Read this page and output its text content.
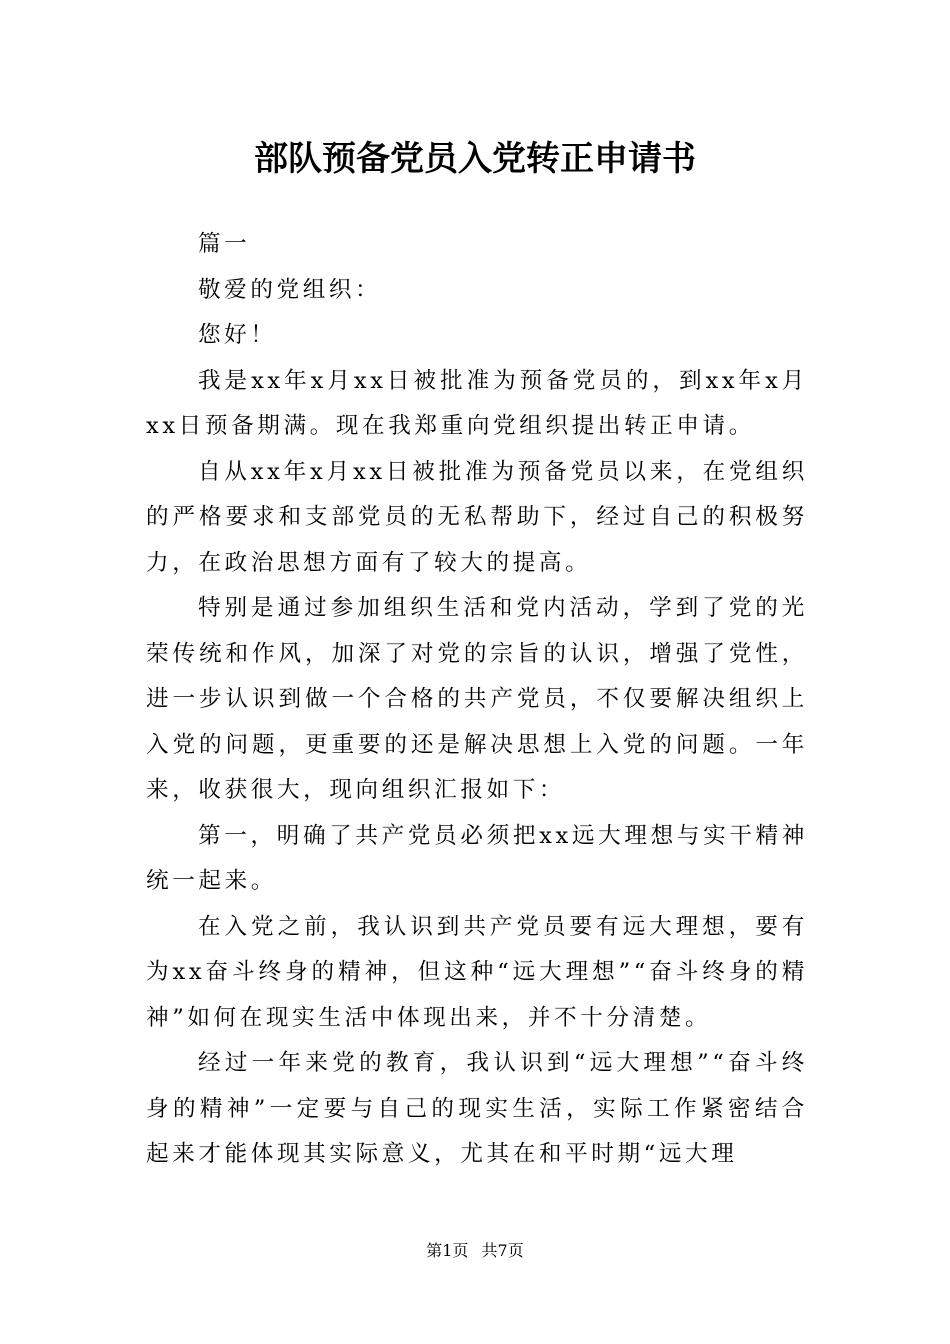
部队预备党员入党转正申请书

篇一

敬爱的党组织：

您好！

我是xx年x月xx日被批准为预备党员的，到xx年x月xx日预备期满。现在我郑重向党组织提出转正申请。

自从xx年x月xx日被批准为预备党员以来，在党组织的严格要求和支部党员的无私帮助下，经过自己的积极努力，在政治思想方面有了较大的提高。

特别是通过参加组织生活和党内活动，学到了党的光荣传统和作风，加深了对党的宗旨的认识，增强了党性，进一步认识到做一个合格的共产党员，不仅要解决组织上入党的问题，更重要的还是解决思想上入党的问题。一年来，收获很大，现向组织汇报如下：

第一，明确了共产党员必须把xx远大理想与实干精神统一起来。

在入党之前，我认识到共产党员要有远大理想，要有为xx奋斗终身的精神，但这种“远大理想”“奋斗终身的精神”如何在现实生活中体现出来，并不十分清楚。

经过一年来党的教育，我认识到“远大理想”“奋斗终身的精神”一定要与自己的现实生活，实际工作紧密结合起来才能体现其实际意义，尤其在和平时期“远大理

第1页 共7页
